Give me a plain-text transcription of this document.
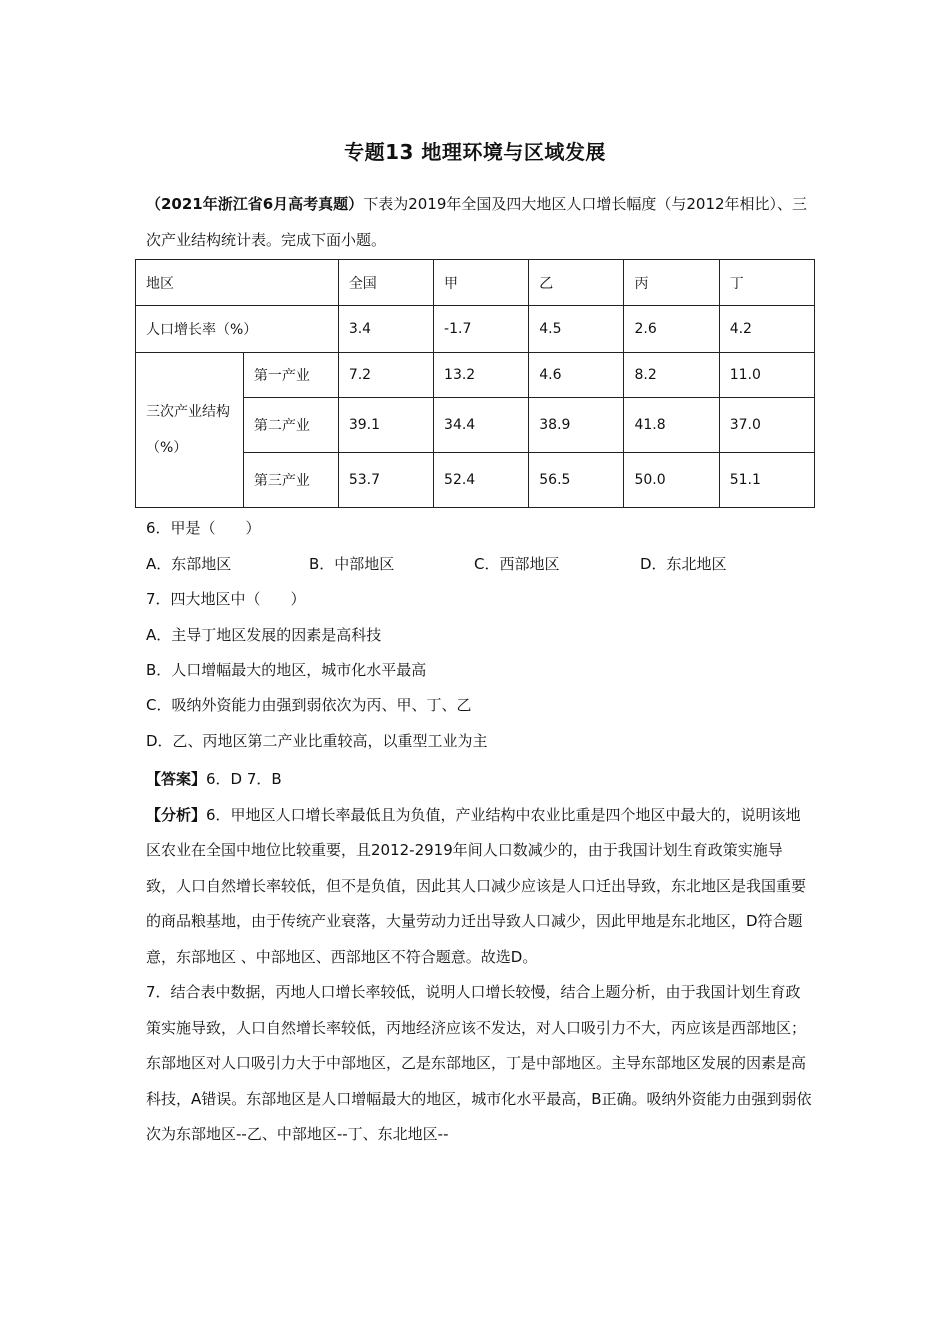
专题13 地理环境与区域发展
（2021年浙江省6月高考真题）下表为2019年全国及四大地区人口增长幅度（与2012年相比）、三次产业结构统计表。完成下面小题。
地区		全国	甲	乙	丙	丁
人口增长率（%）		3.4	-1.7	4.5	2.6	4.2

三次产业结构（%）	第一产业	7.2	13.2	4.6	8.2	11.0
	第二产业	39.1	34.4	38.9	41.8	37.0
	第三产业	53.7	52.4	56.5	50.0	51.1
6．甲是（　　）
A．东部地区	B．中部地区	C．西部地区	D．东北地区
7．四大地区中（　　）
A．主导丁地区发展的因素是高科技
B．人口增幅最大的地区，城市化水平最高
C．吸纳外资能力由强到弱依次为丙、甲、丁、乙
D．乙、丙地区第二产业比重较高，以重型工业为主

【答案】6．D 7．B

【分析】6．甲地区人口增长率最低且为负值，产业结构中农业比重是四个地区中最大的，说明该地区农业在全国中地位比较重要，且2012-2919年间人口数减少的，由于我国计划生育政策实施导致，人口自然增长率较低，但不是负值，因此其人口减少应该是人口迁出导致，东北地区是我国重要的商品粮基地，由于传统产业衰落，大量劳动力迁出导致人口减少，因此甲地是东北地区，D符合题意，东部地区 、中部地区、西部地区不符合题意。故选D。

7．结合表中数据，丙地人口增长率较低，说明人口增长较慢，结合上题分析，由于我国计划生育政策实施导致，人口自然增长率较低，丙地经济应该不发达，对人口吸引力不大，丙应该是西部地区；东部地区对人口吸引力大于中部地区，乙是东部地区，丁是中部地区。主导东部地区发展的因素是高科技，A错误。东部地区是人口增幅最大的地区，城市化水平最高，B正确。吸纳外资能力由强到弱依次为东部地区--乙、中部地区--丁、东北地区--
